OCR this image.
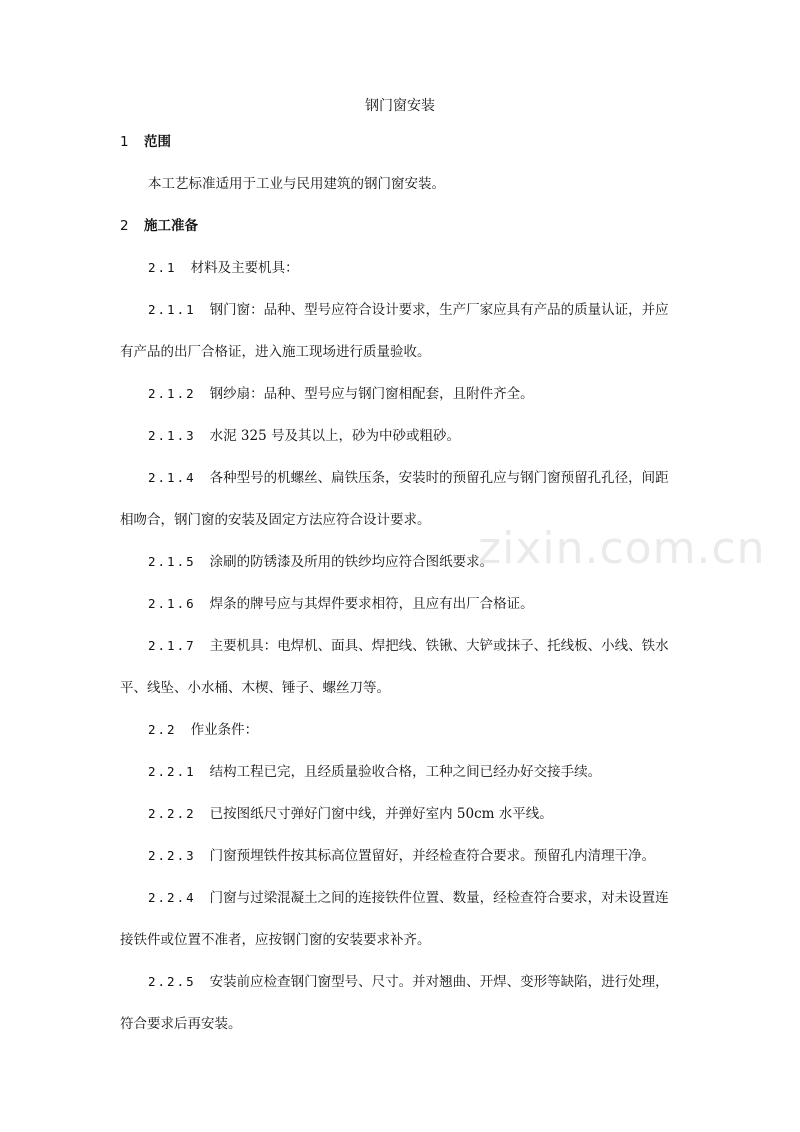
zixin.com.cn
钢门窗安装
1 范围
本工艺标准适用于工业与民用建筑的钢门窗安装。
2 施工准备
2.1 材料及主要机具：
2.1.1 钢门窗：品种、型号应符合设计要求，生产厂家应具有产品的质量认证，并应
有产品的出厂合格证，进入施工现场进行质量验收。
2.1.2 钢纱扇：品种、型号应与钢门窗相配套，且附件齐全。
2.1.3 水泥 325 号及其以上，砂为中砂或粗砂。
2.1.4 各种型号的机螺丝、扁铁压条，安装时的预留孔应与钢门窗预留孔孔径，间距
相吻合，钢门窗的安装及固定方法应符合设计要求。
2.1.5 涂刷的防锈漆及所用的铁纱均应符合图纸要求。
2.1.6 焊条的牌号应与其焊件要求相符，且应有出厂合格证。
2.1.7 主要机具：电焊机、面具、焊把线、铁锹、大铲或抹子、托线板、小线、铁水
平、线坠、小水桶、木楔、锤子、螺丝刀等。
2.2 作业条件：
2.2.1 结构工程已完，且经质量验收合格，工种之间已经办好交接手续。
2.2.2 已按图纸尺寸弹好门窗中线，并弹好室内 50cm 水平线。
2.2.3 门窗预埋铁件按其标高位置留好，并经检查符合要求。预留孔内清理干净。
2.2.4 门窗与过梁混凝土之间的连接铁件位置、数量，经检查符合要求，对未设置连
接铁件或位置不准者，应按钢门窗的安装要求补齐。
2.2.5 安装前应检查钢门窗型号、尺寸。并对翘曲、开焊、变形等缺陷，进行处理，
符合要求后再安装。
